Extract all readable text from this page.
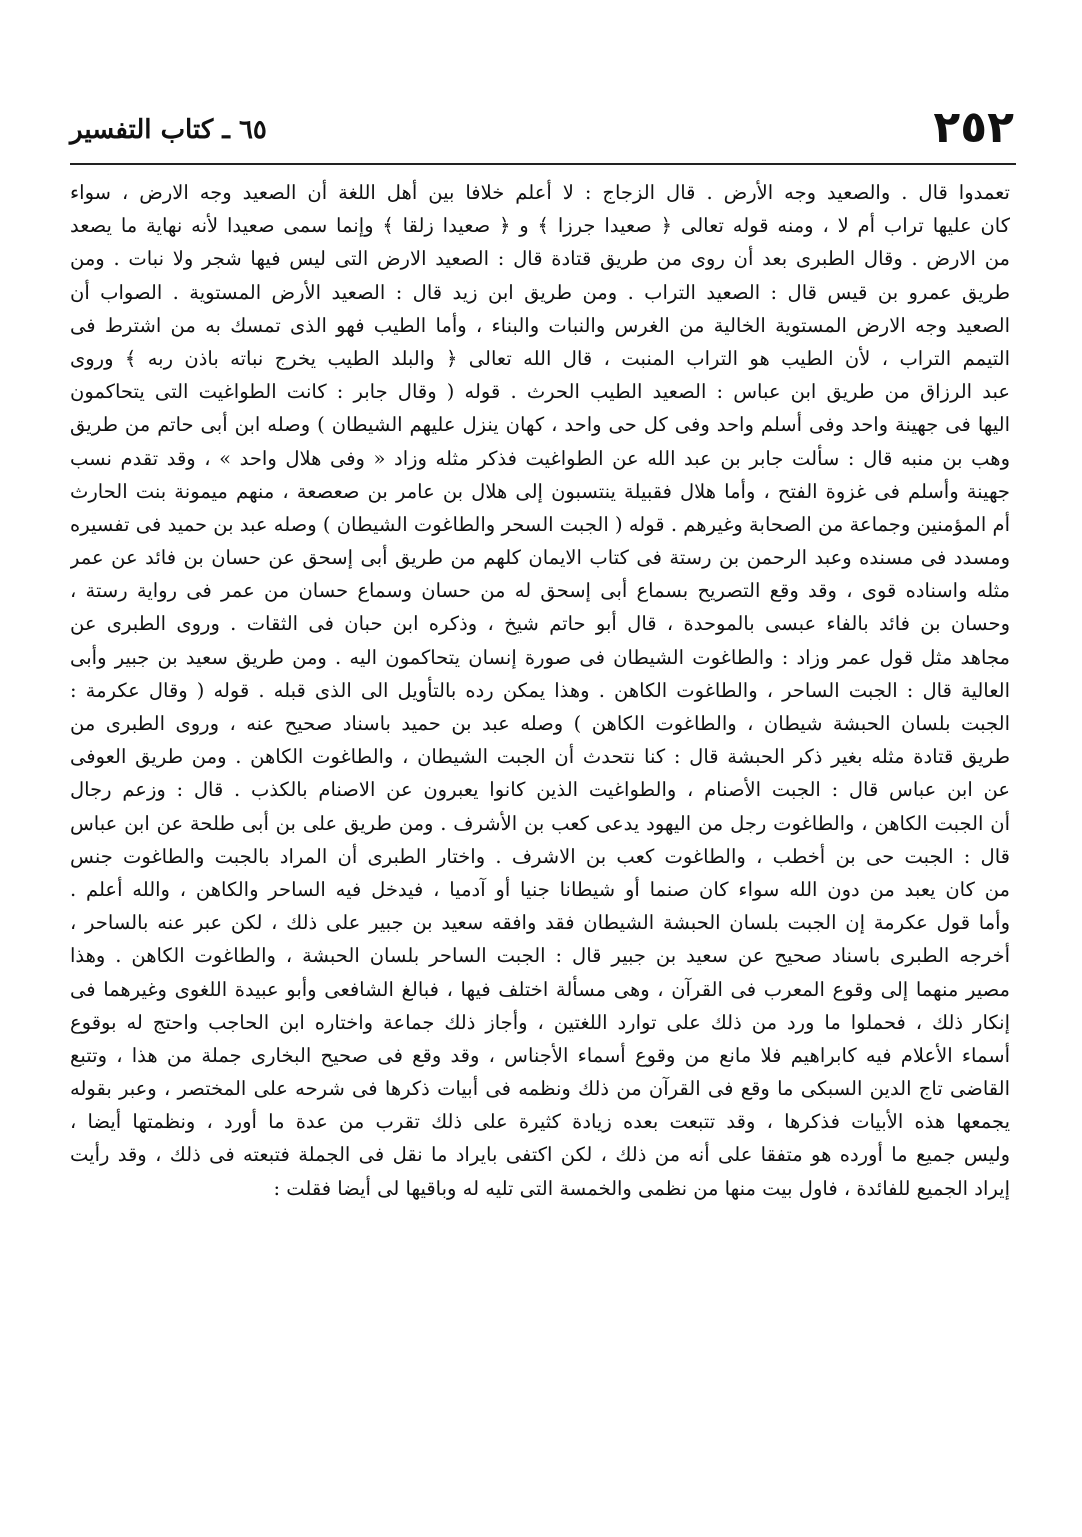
٢٥٢
٦٥ ـ كتاب التفسير
تعمدوا قال . والصعيد وجه الأرض . قال الزجاج : لا أعلم خلافا بين أهل اللغة أن الصعيد وجه الارض ، سواء
كان عليها تراب أم لا ، ومنه قوله تعالى ﴿ صعيدا جرزا ﴾ و ﴿ صعيدا زلقا ﴾ وإنما سمى صعيدا لأنه نهاية ما يصعد
من الارض . وقال الطبرى بعد أن روى من طريق قتادة قال : الصعيد الارض التى ليس فيها شجر ولا نبات . ومن
طريق عمرو بن قيس قال : الصعيد التراب . ومن طريق ابن زيد قال : الصعيد الأرض المستوية . الصواب أن
الصعيد وجه الارض المستوية الخالية من الغرس والنبات والبناء ، وأما الطيب فهو الذى تمسك به من اشترط فى
التيمم التراب ، لأن الطيب هو التراب المنبت ، قال الله تعالى ﴿ والبلد الطيب يخرج نباته باذن ربه ﴾ وروى
عبد الرزاق من طريق ابن عباس : الصعيد الطيب الحرث . قوله ( وقال جابر : كانت الطواغيت التى يتحاكمون
اليها فى جهينة واحد وفى أسلم واحد وفى كل حى واحد ، كهان ينزل عليهم الشيطان ) وصله ابن أبى حاتم من طريق
وهب بن منبه قال : سألت جابر بن عبد الله عن الطواغيت فذكر مثله وزاد « وفى هلال واحد » ، وقد تقدم نسب
جهينة وأسلم فى غزوة الفتح ، وأما هلال فقبيلة ينتسبون إلى هلال بن عامر بن صعصعة ، منهم ميمونة بنت الحارث
أم المؤمنين وجماعة من الصحابة وغيرهم . قوله ( الجبت السحر والطاغوت الشيطان ) وصله عبد بن حميد فى تفسيره
ومسدد فى مسنده وعبد الرحمن بن رستة فى كتاب الايمان كلهم من طريق أبى إسحق عن حسان بن فائد عن عمر
مثله واسناده قوى ، وقد وقع التصريح بسماع أبى إسحق له من حسان وسماع حسان من عمر فى رواية رستة ،
وحسان بن فائد بالفاء عبسى بالموحدة ، قال أبو حاتم شيخ ، وذكره ابن حبان فى الثقات . وروى الطبرى عن
مجاهد مثل قول عمر وزاد : والطاغوت الشيطان فى صورة إنسان يتحاكمون اليه . ومن طريق سعيد بن جبير وأبى
العالية قال : الجبت الساحر ، والطاغوت الكاهن . وهذا يمكن رده بالتأويل الى الذى قبله . قوله ( وقال عكرمة :
الجبت بلسان الحبشة شيطان ، والطاغوت الكاهن ) وصله عبد بن حميد باسناد صحيح عنه ، وروى الطبرى من
طريق قتادة مثله بغير ذكر الحبشة قال : كنا نتحدث أن الجبت الشيطان ، والطاغوت الكاهن . ومن طريق العوفى
عن ابن عباس قال : الجبت الأصنام ، والطواغيت الذين كانوا يعبرون عن الاصنام بالكذب . قال : وزعم رجال
أن الجبت الكاهن ، والطاغوت رجل من اليهود يدعى كعب بن الأشرف . ومن طريق على بن أبى طلحة عن ابن عباس
قال : الجبت حى بن أخطب ، والطاغوت كعب بن الاشرف . واختار الطبرى أن المراد بالجبت والطاغوت جنس
من كان يعبد من دون الله سواء كان صنما أو شيطانا جنيا أو آدميا ، فيدخل فيه الساحر والكاهن ، والله أعلم .
وأما قول عكرمة إن الجبت بلسان الحبشة الشيطان فقد وافقه سعيد بن جبير على ذلك ، لكن عبر عنه بالساحر ،
أخرجه الطبرى باسناد صحيح عن سعيد بن جبير قال : الجبت الساحر بلسان الحبشة ، والطاغوت الكاهن . وهذا
مصير منهما إلى وقوع المعرب فى القرآن ، وهى مسألة اختلف فيها ، فبالغ الشافعى وأبو عبيدة اللغوى وغيرهما فى
إنكار ذلك ، فحملوا ما ورد من ذلك على توارد اللغتين ، وأجاز ذلك جماعة واختاره ابن الحاجب واحتج له بوقوع
أسماء الأعلام فيه كابراهيم فلا مانع من وقوع أسماء الأجناس ، وقد وقع فى صحيح البخارى جملة من هذا ، وتتبع
القاضى تاج الدين السبكى ما وقع فى القرآن من ذلك ونظمه فى أبيات ذكرها فى شرحه على المختصر ، وعبر بقوله
يجمعها هذه الأبيات فذكرها ، وقد تتبعت بعده زيادة كثيرة على ذلك تقرب من عدة ما أورد ، ونظمتها أيضا ،
وليس جميع ما أورده هو متفقا على أنه من ذلك ، لكن اكتفى بايراد ما نقل فى الجملة فتبعته فى ذلك ، وقد رأيت
إيراد الجميع للفائدة ، فاول بيت منها من نظمى والخمسة التى تليه له وباقيها لى أيضا فقلت :
